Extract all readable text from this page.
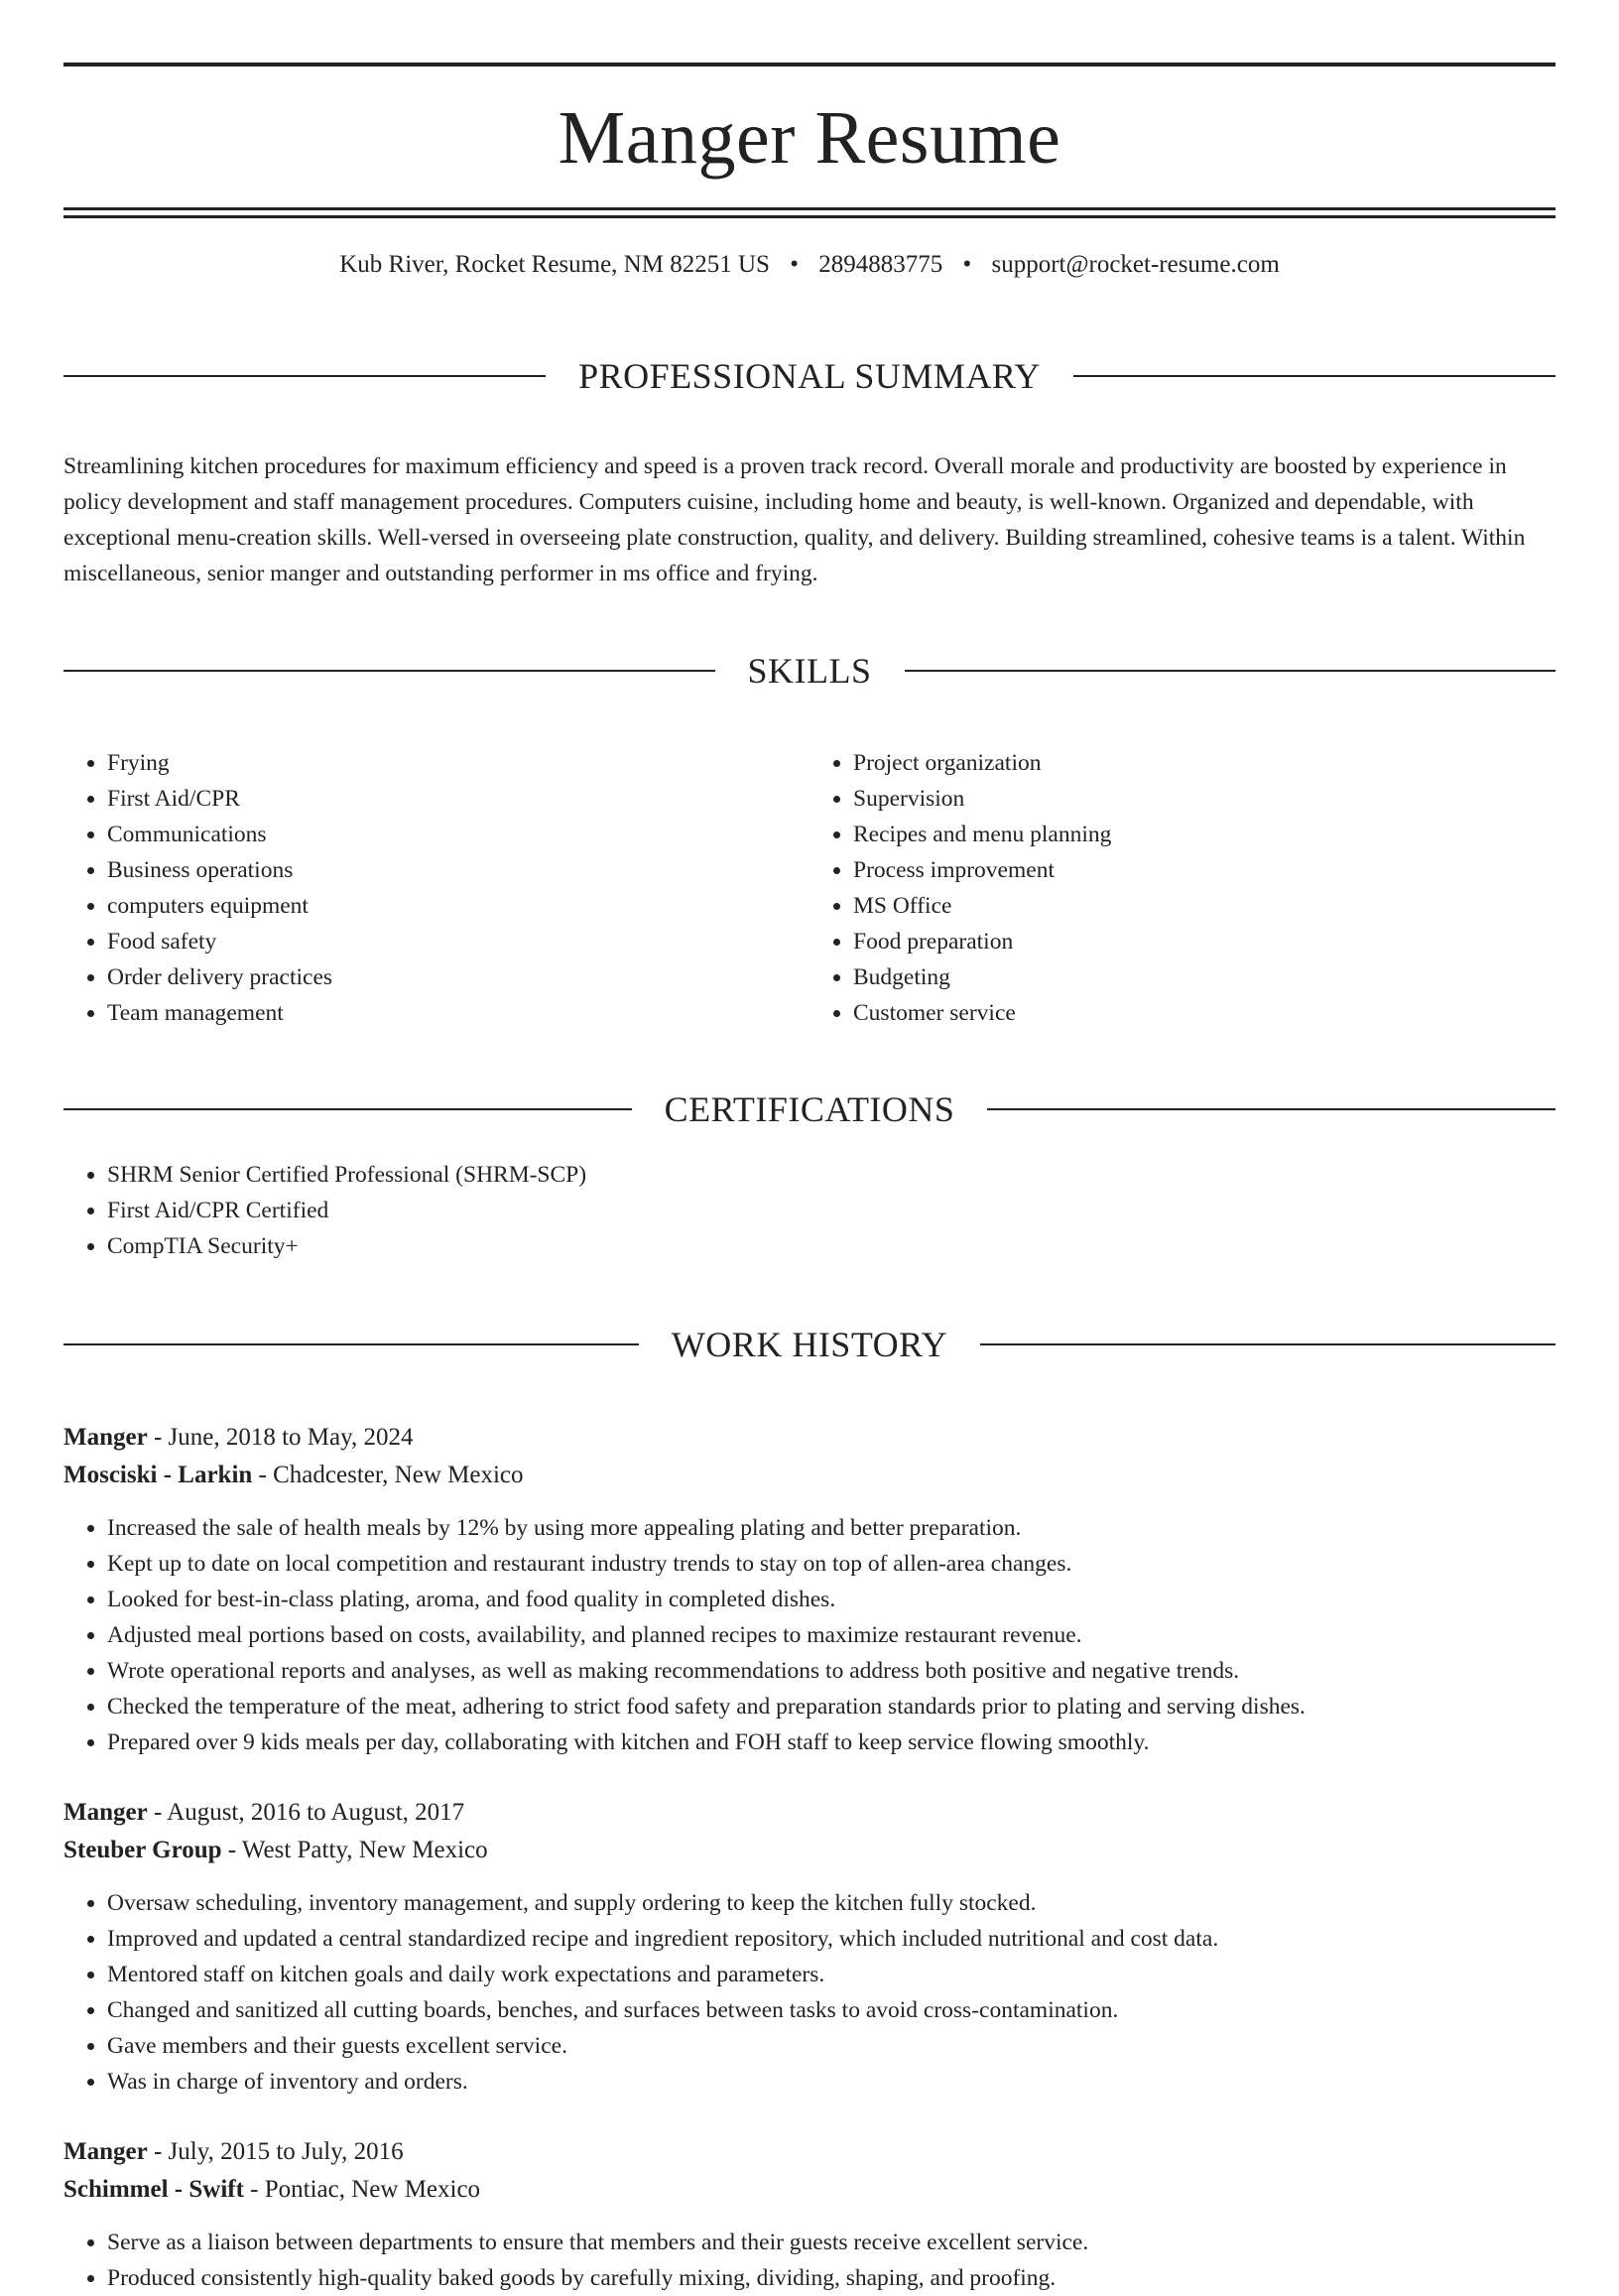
Manger Resume
Kub River, Rocket Resume, NM 82251 US • 2894883775 • support@rocket-resume.com
PROFESSIONAL SUMMARY

Streamlining kitchen procedures for maximum efficiency and speed is a proven track record. Overall morale and productivity are boosted by experience in policy development and staff management procedures. Computers cuisine, including home and beauty, is well-known. Organized and dependable, with exceptional menu-creation skills. Well-versed in overseeing plate construction, quality, and delivery. Building streamlined, cohesive teams is a talent. Within miscellaneous, senior manger and outstanding performer in ms office and frying.

SKILLS
• Frying
• First Aid/CPR
• Communications
• Business operations
• computers equipment
• Food safety
• Order delivery practices
• Team management
• Project organization
• Supervision
• Recipes and menu planning
• Process improvement
• MS Office
• Food preparation
• Budgeting
• Customer service
CERTIFICATIONS
• SHRM Senior Certified Professional (SHRM-SCP)
• First Aid/CPR Certified
• CompTIA Security+
WORK HISTORY
Manger - June, 2018 to May, 2024
Mosciski - Larkin - Chadcester, New Mexico
• Increased the sale of health meals by 12% by using more appealing plating and better preparation.
• Kept up to date on local competition and restaurant industry trends to stay on top of allen-area changes.
• Looked for best-in-class plating, aroma, and food quality in completed dishes.
• Adjusted meal portions based on costs, availability, and planned recipes to maximize restaurant revenue.
• Wrote operational reports and analyses, as well as making recommendations to address both positive and negative trends.
• Checked the temperature of the meat, adhering to strict food safety and preparation standards prior to plating and serving dishes.
• Prepared over 9 kids meals per day, collaborating with kitchen and FOH staff to keep service flowing smoothly.
Manger - August, 2016 to August, 2017
Steuber Group - West Patty, New Mexico
• Oversaw scheduling, inventory management, and supply ordering to keep the kitchen fully stocked.
• Improved and updated a central standardized recipe and ingredient repository, which included nutritional and cost data.
• Mentored staff on kitchen goals and daily work expectations and parameters.
• Changed and sanitized all cutting boards, benches, and surfaces between tasks to avoid cross-contamination.
• Gave members and their guests excellent service.
• Was in charge of inventory and orders.
Manger - July, 2015 to July, 2016
Schimmel - Swift - Pontiac, New Mexico
• Serve as a liaison between departments to ensure that members and their guests receive excellent service.
• Produced consistently high-quality baked goods by carefully mixing, dividing, shaping, and proofing.
